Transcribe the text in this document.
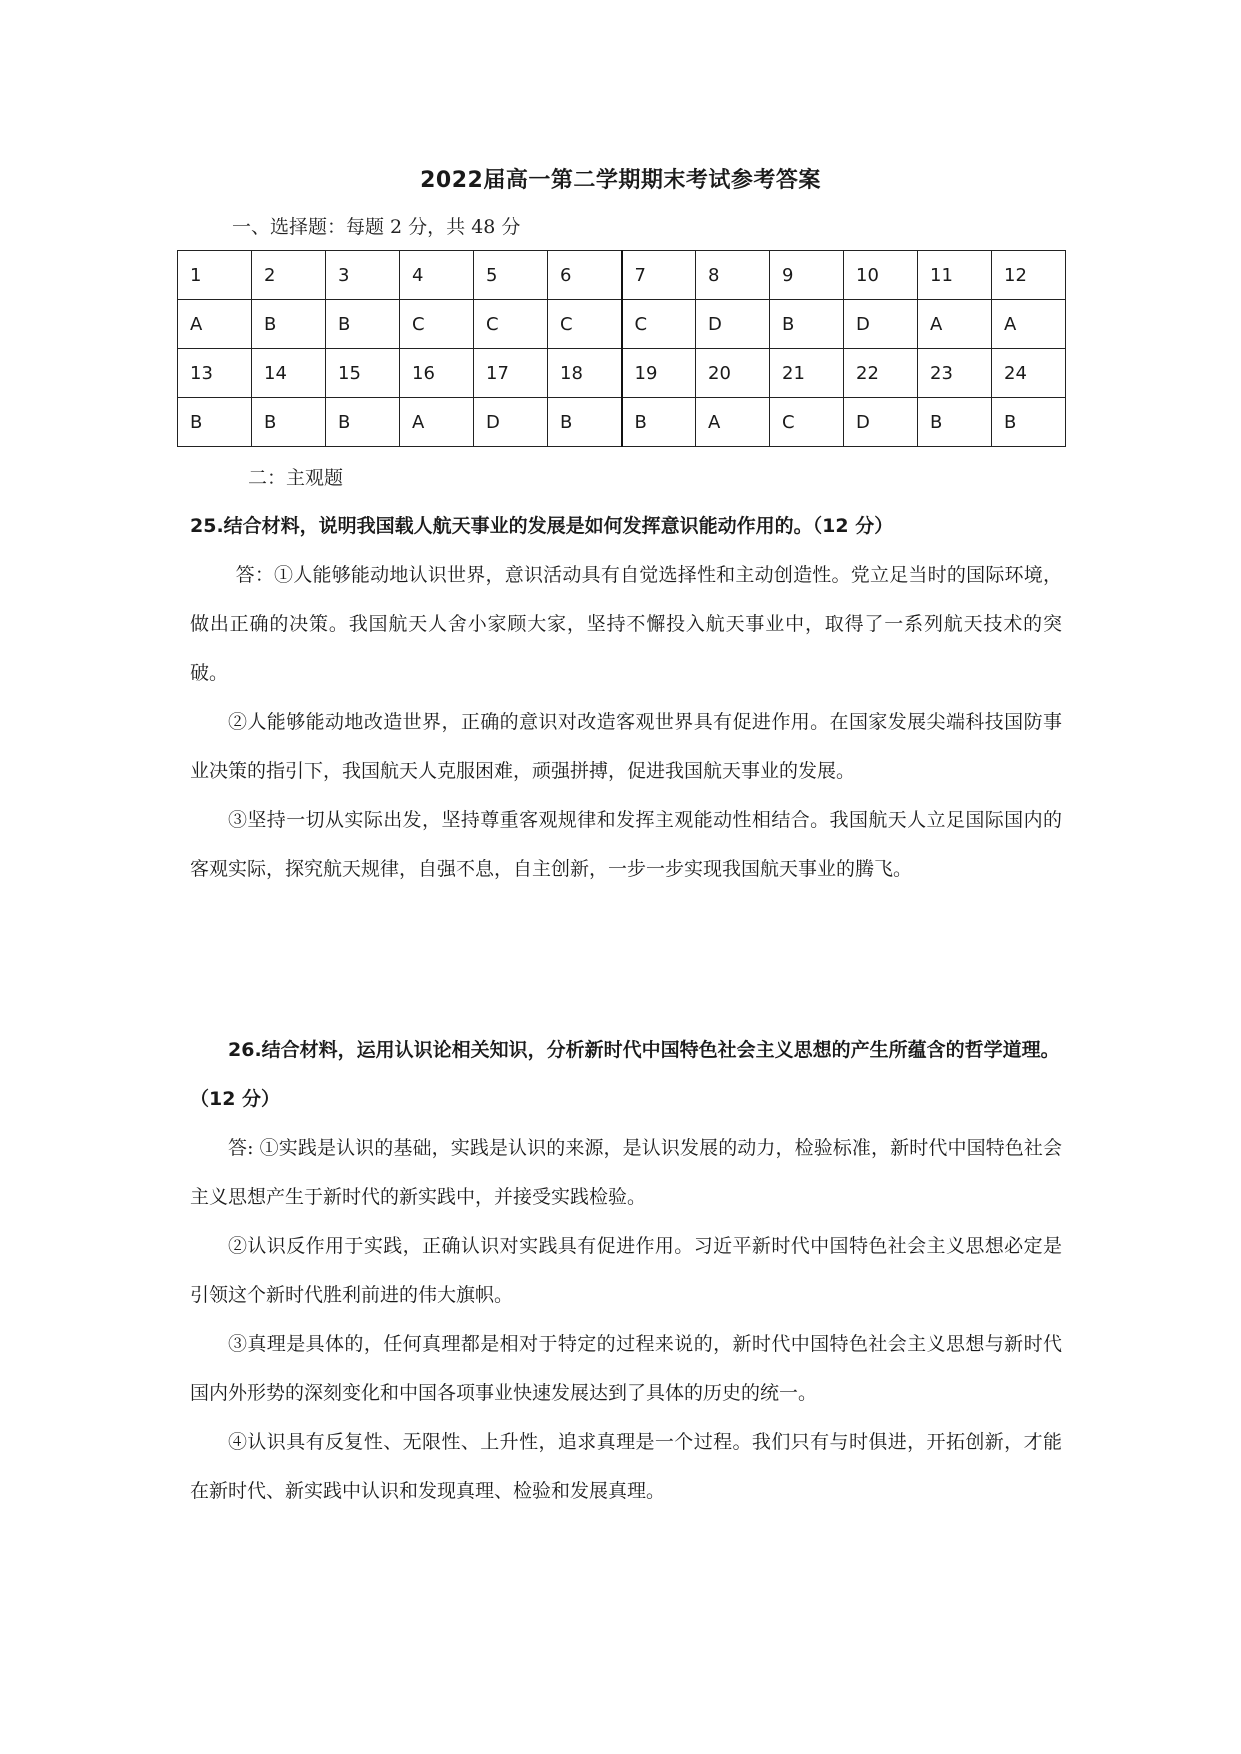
2022届高一第二学期期末考试参考答案
一、选择题：每题 2 分，共 48 分
1	2	3	4	5	6	7	8	9	10	11	12
A	B	B	C	C	C	C	D	B	D	A	A
13	14	15	16	17	18	19	20	21	22	23	24
B	B	B	A	D	B	B	A	C	D	B	B
二：主观题
25.结合材料，说明我国载人航天事业的发展是如何发挥意识能动作用的。（12 分）

答：①人能够能动地认识世界，意识活动具有自觉选择性和主动创造性。党立足当时的国际环境，做出正确的决策。我国航天人舍小家顾大家，坚持不懈投入航天事业中，取得了一系列航天技术的突破。

②人能够能动地改造世界，正确的意识对改造客观世界具有促进作用。在国家发展尖端科技国防事业决策的指引下，我国航天人克服困难，顽强拼搏，促进我国航天事业的发展。

③坚持一切从实际出发，坚持尊重客观规律和发挥主观能动性相结合。我国航天人立足国际国内的客观实际，探究航天规律，自强不息，自主创新，一步一步实现我国航天事业的腾飞。

26.结合材料，运用认识论相关知识，分析新时代中国特色社会主义思想的产生所蕴含的哲学道理。（12 分）

答: ①实践是认识的基础，实践是认识的来源，是认识发展的动力，检验标准，新时代中国特色社会主义思想产生于新时代的新实践中，并接受实践检验。

②认识反作用于实践，正确认识对实践具有促进作用。习近平新时代中国特色社会主义思想必定是引领这个新时代胜利前进的伟大旗帜。

③真理是具体的，任何真理都是相对于特定的过程来说的，新时代中国特色社会主义思想与新时代国内外形势的深刻变化和中国各项事业快速发展达到了具体的历史的统一。

④认识具有反复性、无限性、上升性，追求真理是一个过程。我们只有与时俱进，开拓创新，才能在新时代、新实践中认识和发现真理、检验和发展真理。
